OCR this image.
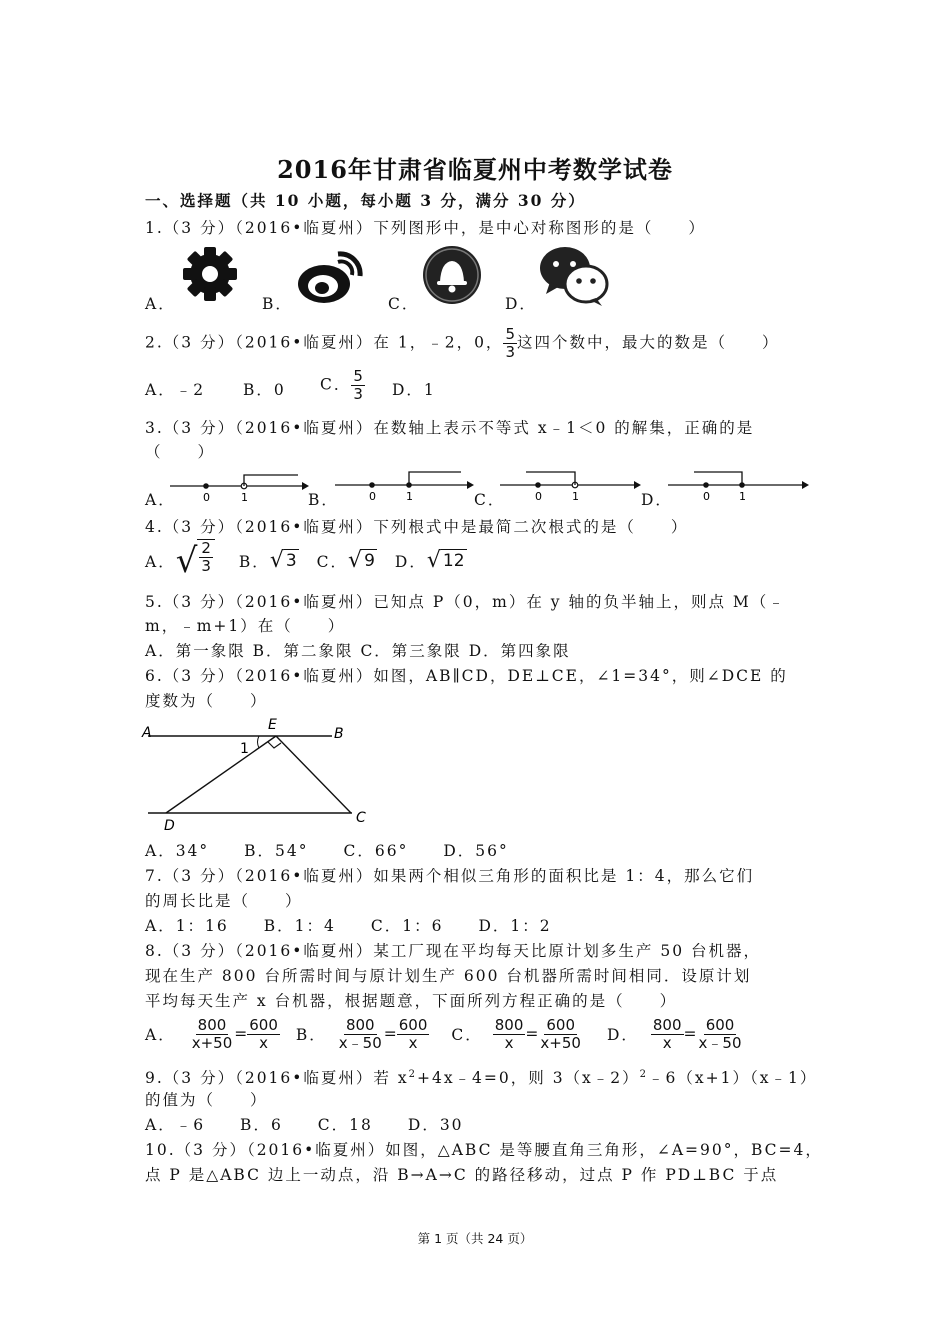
2016年甘肃省临夏州中考数学试卷
一、选择题（共 10 小题，每小题 3 分，满分 30 分）
1.（3 分）（2016•临夏州）下列图形中，是中心对称图形的是（　　）
A．	B．	C．	D．
2.（3 分）（2016•临夏州）在 1，﹣2，0， $\frac{5}{3}$ 这四个数中，最大的数是（　　）
A．﹣2 B．0 C． $\frac{5}{3}$ D．1
3.（3 分）（2016•临夏州）在数轴上表示不等式 x﹣1＜0 的解集，正确的是
（　　）
A． 0	1	B．	0	1	C．	0	1	D．	0	1
4.（3 分）（2016•临夏州）下列根式中是最简二次根式的是（　　）
A． √ $\frac{2}{3}$ B． √ 3 C． √ 9 D． √ 12
5.（3 分）（2016•临夏州）已知点 P（0，m）在 y 轴的负半轴上，则点 M（﹣
m，﹣m+1）在（　　）
A．第一象限 B．第二象限 C．第三象限 D．第四象限
6.（3 分）（2016•临夏州）如图，AB∥CD，DE⊥CE，∠1=34°，则∠DCE 的
度数为（　　）
A	B
E
1
D	C
A．34°　　B．54°　　C．66°　　D．56°
7.（3 分）（2016•临夏州）如果两个相似三角形的面积比是 1：4，那么它们
的周长比是（　　）
A．1：16　　B．1：4　　C．1：6　　D．1：2
8.（3 分）（2016•临夏州）某工厂现在平均每天比原计划多生产 50 台机器，
现在生产 800 台所需时间与原计划生产 600 台机器所需时间相同．设原计划
平均每天生产 x 台机器，根据题意，下面所列方程正确的是（　　）
A． $\frac{800}{x+50} = \frac{600}{x}$ B． $\frac{800}{x﹣50} = \frac{600}{x}$ C． $\frac{800}{x} = \frac{600}{x+50}$ D． $\frac{800}{x} = \frac{600}{x﹣50}$
9.（3 分）（2016•临夏州）若 $x^2+4x﹣4=0$，则 3（x﹣2）$^2$﹣6（x+1）（x﹣1）
的值为（　　）
A．﹣6　　B．6　　C．18　　D．30
10.（3 分）（2016•临夏州）如图，△ABC 是等腰直角三角形，∠A=90°，BC=4，
点 P 是△ABC 边上一动点，沿 B→A→C 的路径移动，过点 P 作 PD⊥BC 于点
第 1 页（共 24 页）
